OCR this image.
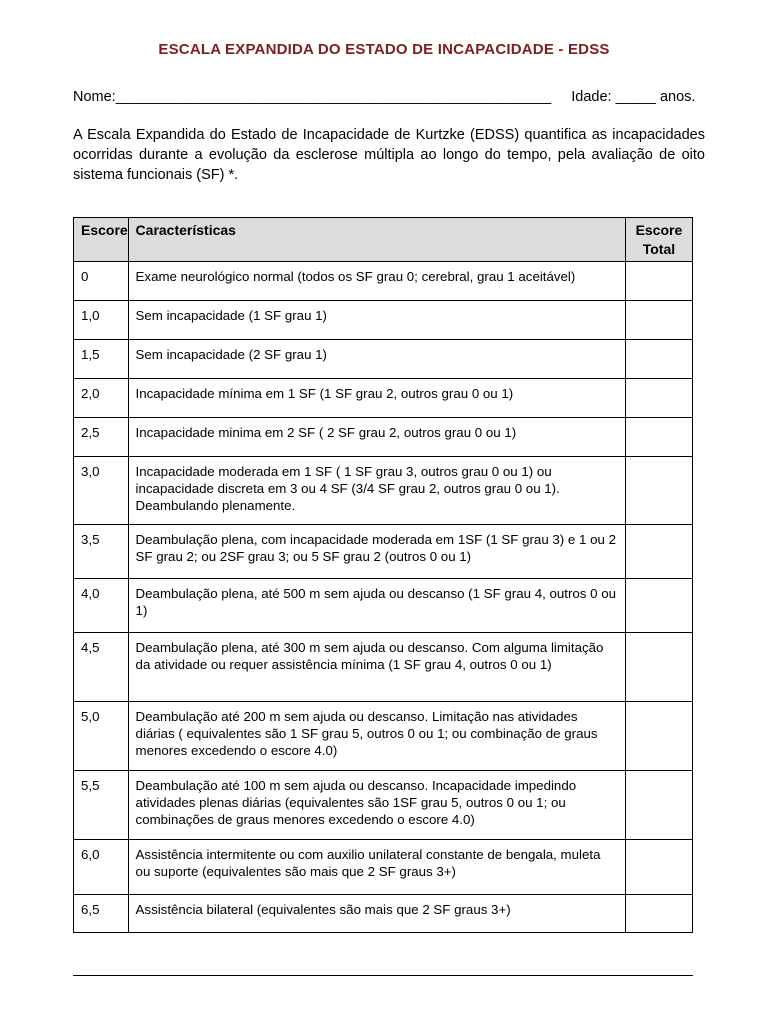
ESCALA EXPANDIDA DO ESTADO DE INCAPACIDADE - EDSS
Nome:______________________________________________________ Idade: _____ anos.

A Escala Expandida do Estado de Incapacidade de Kurtzke (EDSS) quantifica as incapacidades ocorridas durante a evolução da esclerose múltipla ao longo do tempo, pela avaliação de oito sistema funcionais (SF) *.

Escore	Características	Escore
Total
0	Exame neurológico normal (todos os SF grau 0; cerebral, grau 1 aceitável)	
1,0	Sem incapacidade (1 SF grau 1)	
1,5	Sem incapacidade (2 SF grau 1)	
2,0	Incapacidade mínima em 1 SF (1 SF grau 2, outros grau 0 ou 1)	
2,5	Incapacidade minima em 2 SF ( 2 SF grau 2, outros grau 0 ou 1)	
3,0	Incapacidade moderada em 1 SF ( 1 SF grau 3, outros grau 0 ou 1) ou incapacidade discreta em 3 ou 4 SF (3/4 SF grau 2, outros grau 0 ou 1). Deambulando plenamente.	
3,5	Deambulação plena, com incapacidade moderada em 1SF (1 SF grau 3) e 1 ou 2 SF grau 2; ou 2SF grau 3; ou 5 SF grau 2 (outros 0 ou 1)	
4,0	Deambulação plena, até 500 m sem ajuda ou descanso (1 SF grau 4, outros 0 ou 1)	
4,5	Deambulação plena, até 300 m sem ajuda ou descanso. Com alguma limitação da atividade ou requer assistência mínima (1 SF grau 4, outros 0 ou 1)	
5,0	Deambulação até 200 m sem ajuda ou descanso. Limitação nas atividades diárias ( equivalentes são 1 SF grau 5, outros 0 ou 1; ou combinação de graus menores excedendo o escore 4.0)	
5,5	Deambulação até 100 m sem ajuda ou descanso. Incapacidade impedindo atividades plenas diárias (equivalentes são 1SF grau 5, outros 0 ou 1; ou combinações de graus menores excedendo o escore 4.0)	
6,0	Assistência intermitente ou com auxilio unilateral constante de bengala, muleta ou suporte (equivalentes são mais que 2 SF graus 3+)	
6,5	Assistência bilateral (equivalentes são mais que 2 SF graus 3+)	
